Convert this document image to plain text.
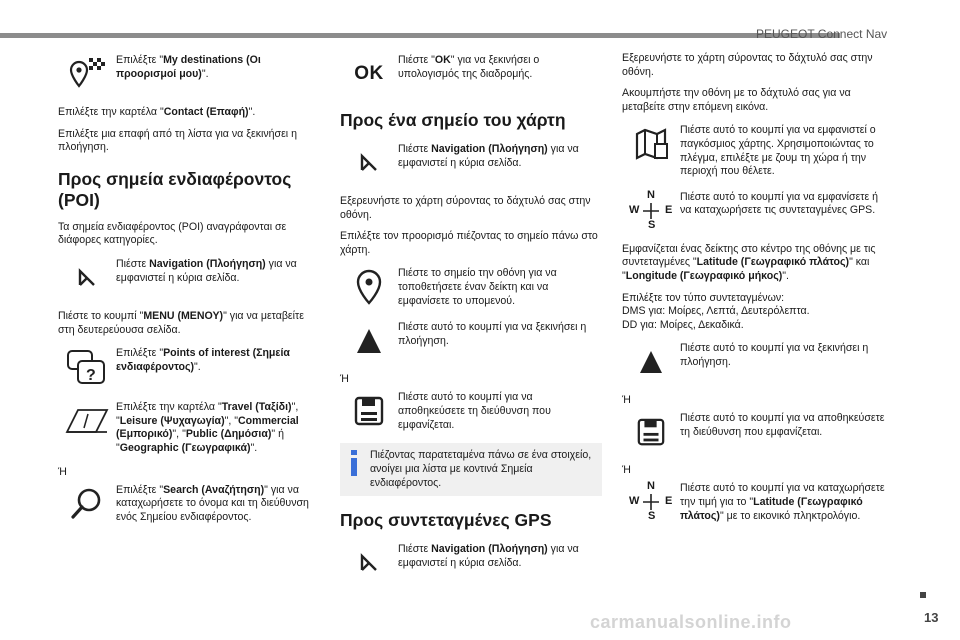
PEUGEOT Connect Nav
Επιλέξτε "My destinations (Οι προορισμοί μου)".

Επιλέξτε την καρτέλα "Contact (Επαφή)".

Επιλέξτε μια επαφή από τη λίστα για να ξεκινήσει η πλοήγηση.

Προς σημεία ενδιαφέροντος (POI)

Τα σημεία ενδιαφέροντος (POI) αναγράφονται σε διάφορες κατηγορίες.

Πιέστε Navigation (Πλοήγηση) για να εμφανιστεί η κύρια σελίδα.

Πιέστε το κουμπί "MENU (ΜΕΝΟΥ)" για να μεταβείτε στη δευτερεύουσα σελίδα.

?
Επιλέξτε "Points of interest (Σημεία ενδιαφέροντος)".
Επιλέξτε την καρτέλα "Travel (Ταξίδι)", "Leisure (Ψυχαγωγία)", "Commercial (Εμπορικό)", "Public (Δημόσια)" ή "Geographic (Γεωγραφικά)".

Ή

Επιλέξτε "Search (Αναζήτηση)" για να καταχωρήσετε το όνομα και τη διεύθυνση ενός Σημείου ενδιαφέροντος.
OK
Πιέστε "OK" για να ξεκινήσει ο υπολογισμός της διαδρομής.
Προς ένα σημείο του χάρτη
Πιέστε Navigation (Πλοήγηση) για να εμφανιστεί η κύρια σελίδα.

Εξερευνήστε το χάρτη σύροντας το δάχτυλό σας στην οθόνη.

Επιλέξτε τον προορισμό πιέζοντας το σημείο πάνω στο χάρτη.

Πιέστε το σημείο την οθόνη για να τοποθετήσετε έναν δείκτη και να εμφανίσετε το υπομενού.
Πιέστε αυτό το κουμπί για να ξεκινήσει η πλοήγηση.

Ή

Πιέστε αυτό το κουμπί για να αποθηκεύσετε τη διεύθυνση που εμφανίζεται.
Πιέζοντας παρατεταμένα πάνω σε ένα στοιχείο, ανοίγει μια λίστα με κοντινά Σημεία ενδιαφέροντος.
Προς συντεταγμένες GPS
Πιέστε Navigation (Πλοήγηση) για να εμφανιστεί η κύρια σελίδα.

Εξερευνήστε το χάρτη σύροντας το δάχτυλό σας στην οθόνη.

Ακουμπήστε την οθόνη με το δάχτυλό σας για να μεταβείτε στην επόμενη εικόνα.

Πιέστε αυτό το κουμπί για να εμφανιστεί ο παγκόσμιος χάρτης. Χρησιμοποιώντας το πλέγμα, επιλέξτε με ζουμ τη χώρα ή την περιοχή που θέλετε.
N
W E
S
Πιέστε αυτό το κουμπί για να εμφανίσετε ή να καταχωρήσετε τις συντεταγμένες GPS.

Εμφανίζεται ένας δείκτης στο κέντρο της οθόνης με τις συντεταγμένες "Latitude (Γεωγραφικό πλάτος)" και "Longitude (Γεωγραφικό μήκος)".

Επιλέξτε τον τύπο συντεταγμένων:
DMS για: Μοίρες, Λεπτά, Δευτερόλεπτα.
DD για: Μοίρες, Δεκαδικά.

Πιέστε αυτό το κουμπί για να ξεκινήσει η πλοήγηση.

Ή

Πιέστε αυτό το κουμπί για να αποθηκεύσετε τη διεύθυνση που εμφανίζεται.

Ή

N
W E
S
Πιέστε αυτό το κουμπί για να καταχωρήσετε την τιμή για το "Latitude (Γεωγραφικό πλάτος)" με το εικονικό πληκτρολόγιο.
carmanualsonline.info	13
